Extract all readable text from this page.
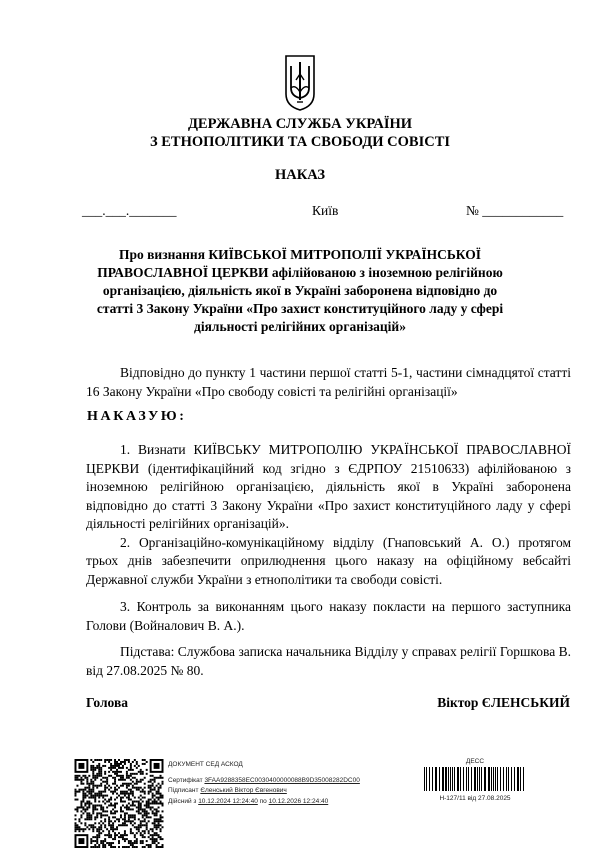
ДЕРЖАВНА СЛУЖБА УКРАЇНИ
З ЕТНОПОЛІТИКИ ТА СВОБОДИ СОВІСТІ
НАКАЗ
___.___._______	Київ	№ ____________
Про визнання КИЇВСЬКОЇ МИТРОПОЛІЇ УКРАЇНСЬКОЇ ПРАВОСЛАВНОЇ ЦЕРКВИ афілійованою з іноземною релігійною організацією, діяльність якої в Україні заборонена відповідно до статті 3 Закону України «Про захист конституційного ладу у сфері діяльності релігійних організацій»

Відповідно до пункту 1 частини першої статті 5-1, частини сімнадцятої статті 16 Закону України «Про свободу совісті та релігійні організації»

НАКАЗУЮ:

1. Визнати КИЇВСЬКУ МИТРОПОЛІЮ УКРАЇНСЬКОЇ ПРАВОСЛАВНОЇ ЦЕРКВИ (ідентифікаційний код згідно з ЄДРПОУ 21510633) афілійованою з іноземною релігійною організацією, діяльність якої в Україні заборонена відповідно до статті 3 Закону України «Про захист конституційного ладу у сфері діяльності релігійних організацій».

2. Організаційно-комунікаційному відділу (Гнаповський А. О.) протягом трьох днів забезпечити оприлюднення цього наказу на офіційному вебсайті Державної служби України з етнополітики та свободи совісті.

3. Контроль за виконанням цього наказу покласти на першого заступника Голови (Войналович В. А.).

Підстава: Службова записка начальника Відділу у справах релігії Горшкова В. від 27.08.2025 № 80.

Голова	Віктор ЄЛЕНСЬКИЙ
ДОКУМЕНТ СЕД АСКОД
Сертифікат 3FAA9288358EC0030400000088B9D35008282DC00
Підписант Єленський Віктор Євгенович
Дійсний з 10.12.2024 12:24:40 по 10.12.2026 12:24:40
ДЕСС
Н-127/11 від 27.08.2025
